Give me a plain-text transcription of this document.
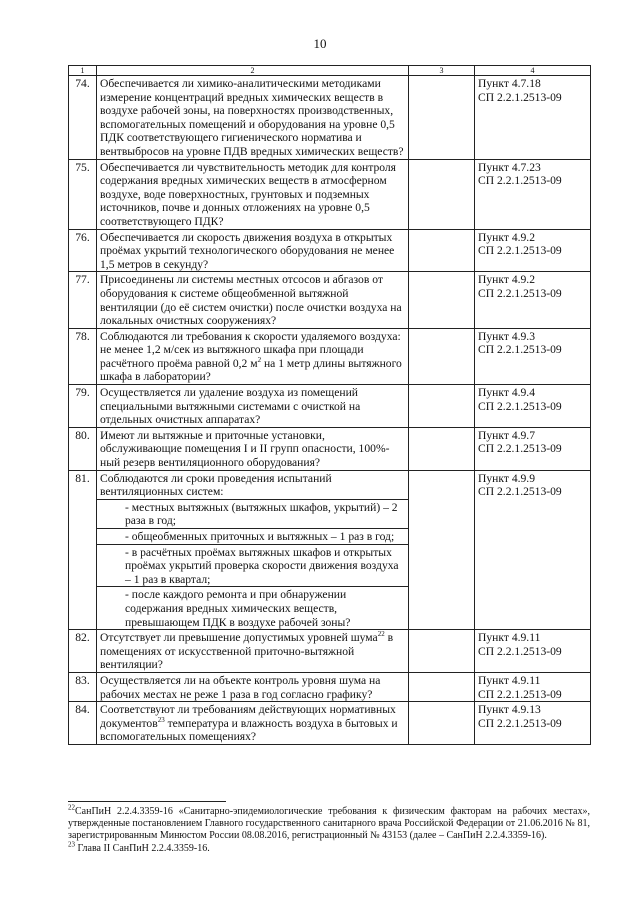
10
1	2	3	4
74.	Обеспечивается ли химико-аналитическими методиками измерение концентраций вредных химических веществ в воздухе рабочей зоны, на поверхностях производственных, вспомогательных помещений и оборудования на уровне 0,5 ПДК соответствующего гигиенического норматива и вентвыбросов на уровне ПДВ вредных химических веществ?		Пункт 4.7.18
СП 2.2.1.2513-09

75.	Обеспечивается ли чувствительность методик для контроля содержания вредных химических веществ в атмосферном воздухе, воде поверхностных, грунтовых и подземных источников, почве и донных отложениях на уровне 0,5 соответствующего ПДК?		Пункт 4.7.23
СП 2.2.1.2513-09

76.	Обеспечивается ли скорость движения воздуха в открытых проёмах укрытий технологического оборудования не менее 1,5 метров в секунду?		Пункт 4.9.2
СП 2.2.1.2513-09

77.	Присоединены ли системы местных отсосов и абгазов от оборудования к системе общеобменной вытяжной вентиляции (до её систем очистки) после очистки воздуха на локальных очистных сооружениях?		Пункт 4.9.2
СП 2.2.1.2513-09

78.	Соблюдаются ли требования к скорости удаляемого воздуха: не менее 1,2 м/сек из вытяжного шкафа при площади расчётного проёма равной 0,2 $м^2$ на 1 метр длины вытяжного шкафа в лаборатории?		Пункт 4.9.3
СП 2.2.1.2513-09

79.	Осуществляется ли удаление воздуха из помещений специальными вытяжными системами с очисткой на отдельных очистных аппаратах?		Пункт 4.9.4
СП 2.2.1.2513-09

80.	Имеют ли вытяжные и приточные установки, обслуживающие помещения I и II групп опасности, 100%-ный резерв вентиляционного оборудования?		Пункт 4.9.7
СП 2.2.1.2513-09

81.	Соблюдаются ли сроки проведения испытаний вентиляционных систем:		Пункт 4.9.9
СП 2.2.1.2513-09

	- местных вытяжных (вытяжных шкафов, укрытий) – 2 раза в год;		
	- общеобменных приточных и вытяжных – 1 раз в год;		
	- в расчётных проёмах вытяжных шкафов и открытых проёмах укрытий проверка скорости движения воздуха – 1 раз в квартал;		
	- после каждого ремонта и при обнаружении содержания вредных химических веществ, превышающем ПДК в воздухе рабочей зоны?		
82.	Отсутствует ли превышение допустимых уровней шума$^{22}$ в помещениях от искусственной приточно-вытяжной вентиляции?		Пункт 4.9.11
СП 2.2.1.2513-09

83.	Осуществляется ли на объекте контроль уровня шума на рабочих местах не реже 1 раза в год согласно графику?		Пункт 4.9.11
СП 2.2.1.2513-09

84.	Соответствуют ли требованиям действующих нормативных документов$^{23}$ температура и влажность воздуха в бытовых и вспомогательных помещениях?		Пункт 4.9.13
СП 2.2.1.2513-09

$^{22}$СанПиН 2.2.4.3359-16 «Санитарно-эпидемиологические требования к физическим факторам на рабочих местах», утвержденные постановлением Главного государственного санитарного врача Российской Федерации от 21.06.2016 № 81, зарегистрированным Минюстом России 08.08.2016, регистрационный № 43153 (далее – СанПиН 2.2.4.3359-16).

$^{23}$ Глава II СанПиН 2.2.4.3359-16.
